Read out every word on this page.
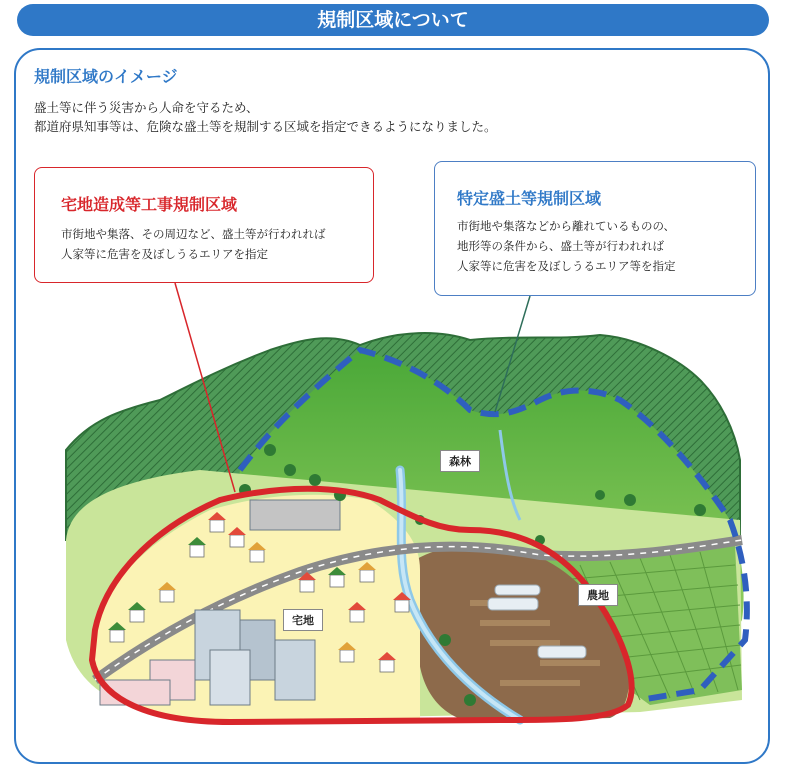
規制区域について
規制区域のイメージ
盛土等に伴う災害から人命を守るため、
都道府県知事等は、危険な盛土等を規制する区域を指定できるようになりました。
宅地造成等工事規制区域
市街地や集落、その周辺など、盛土等が行われれば
人家等に危害を及ぼしうるエリアを指定
特定盛土等規制区域
市街地や集落などから離れているものの、
地形等の条件から、盛土等が行われれば
人家等に危害を及ぼしうるエリア等を指定
森林
宅地
農地
